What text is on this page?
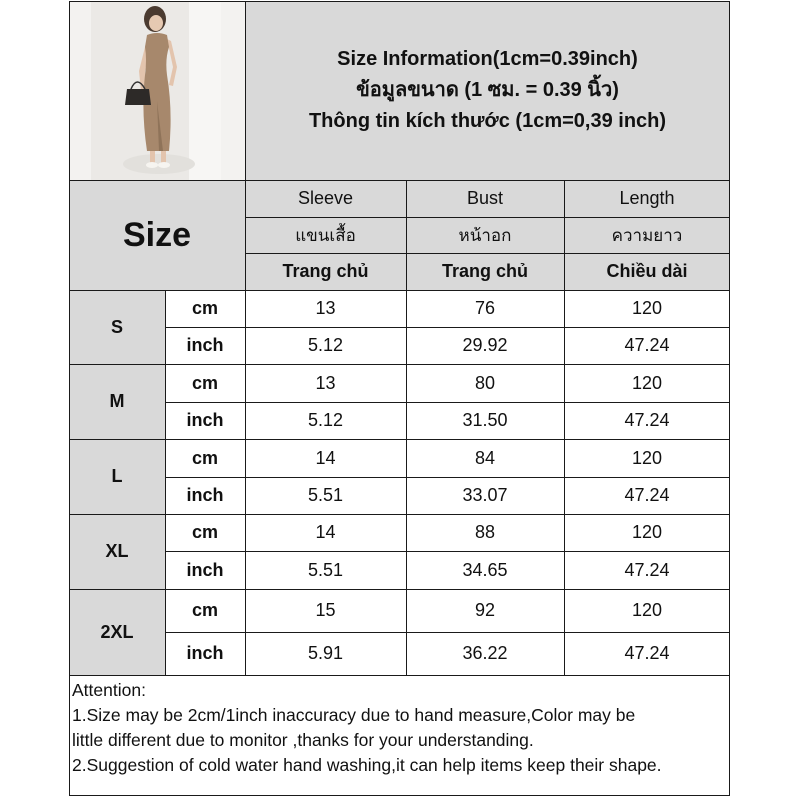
Size Information(1cm=0.39inch)
ข้อมูลขนาด (1 ซม. = 0.39 นิ้ว)
Thông tin kích thước (1cm=0,39 inch)
Size
Sleeve	Bust	Length
แขนเสื้อ	หน้าอก	ความยาว
Trang chủ	Trang chủ	Chiều dài
S
cm	13	76	120
inch	5.12	29.92	47.24
M
cm	13	80	120
inch	5.12	31.50	47.24
L
cm	14	84	120
inch	5.51	33.07	47.24
XL
cm	14	88	120
inch	5.51	34.65	47.24
2XL
cm	15	92	120
inch	5.91	36.22	47.24
Attention:
1.Size may be 2cm/1inch inaccuracy due to hand measure,Color may be
little different due to monitor ,thanks for your understanding.
2.Suggestion of cold water hand washing,it can help items keep their shape.
